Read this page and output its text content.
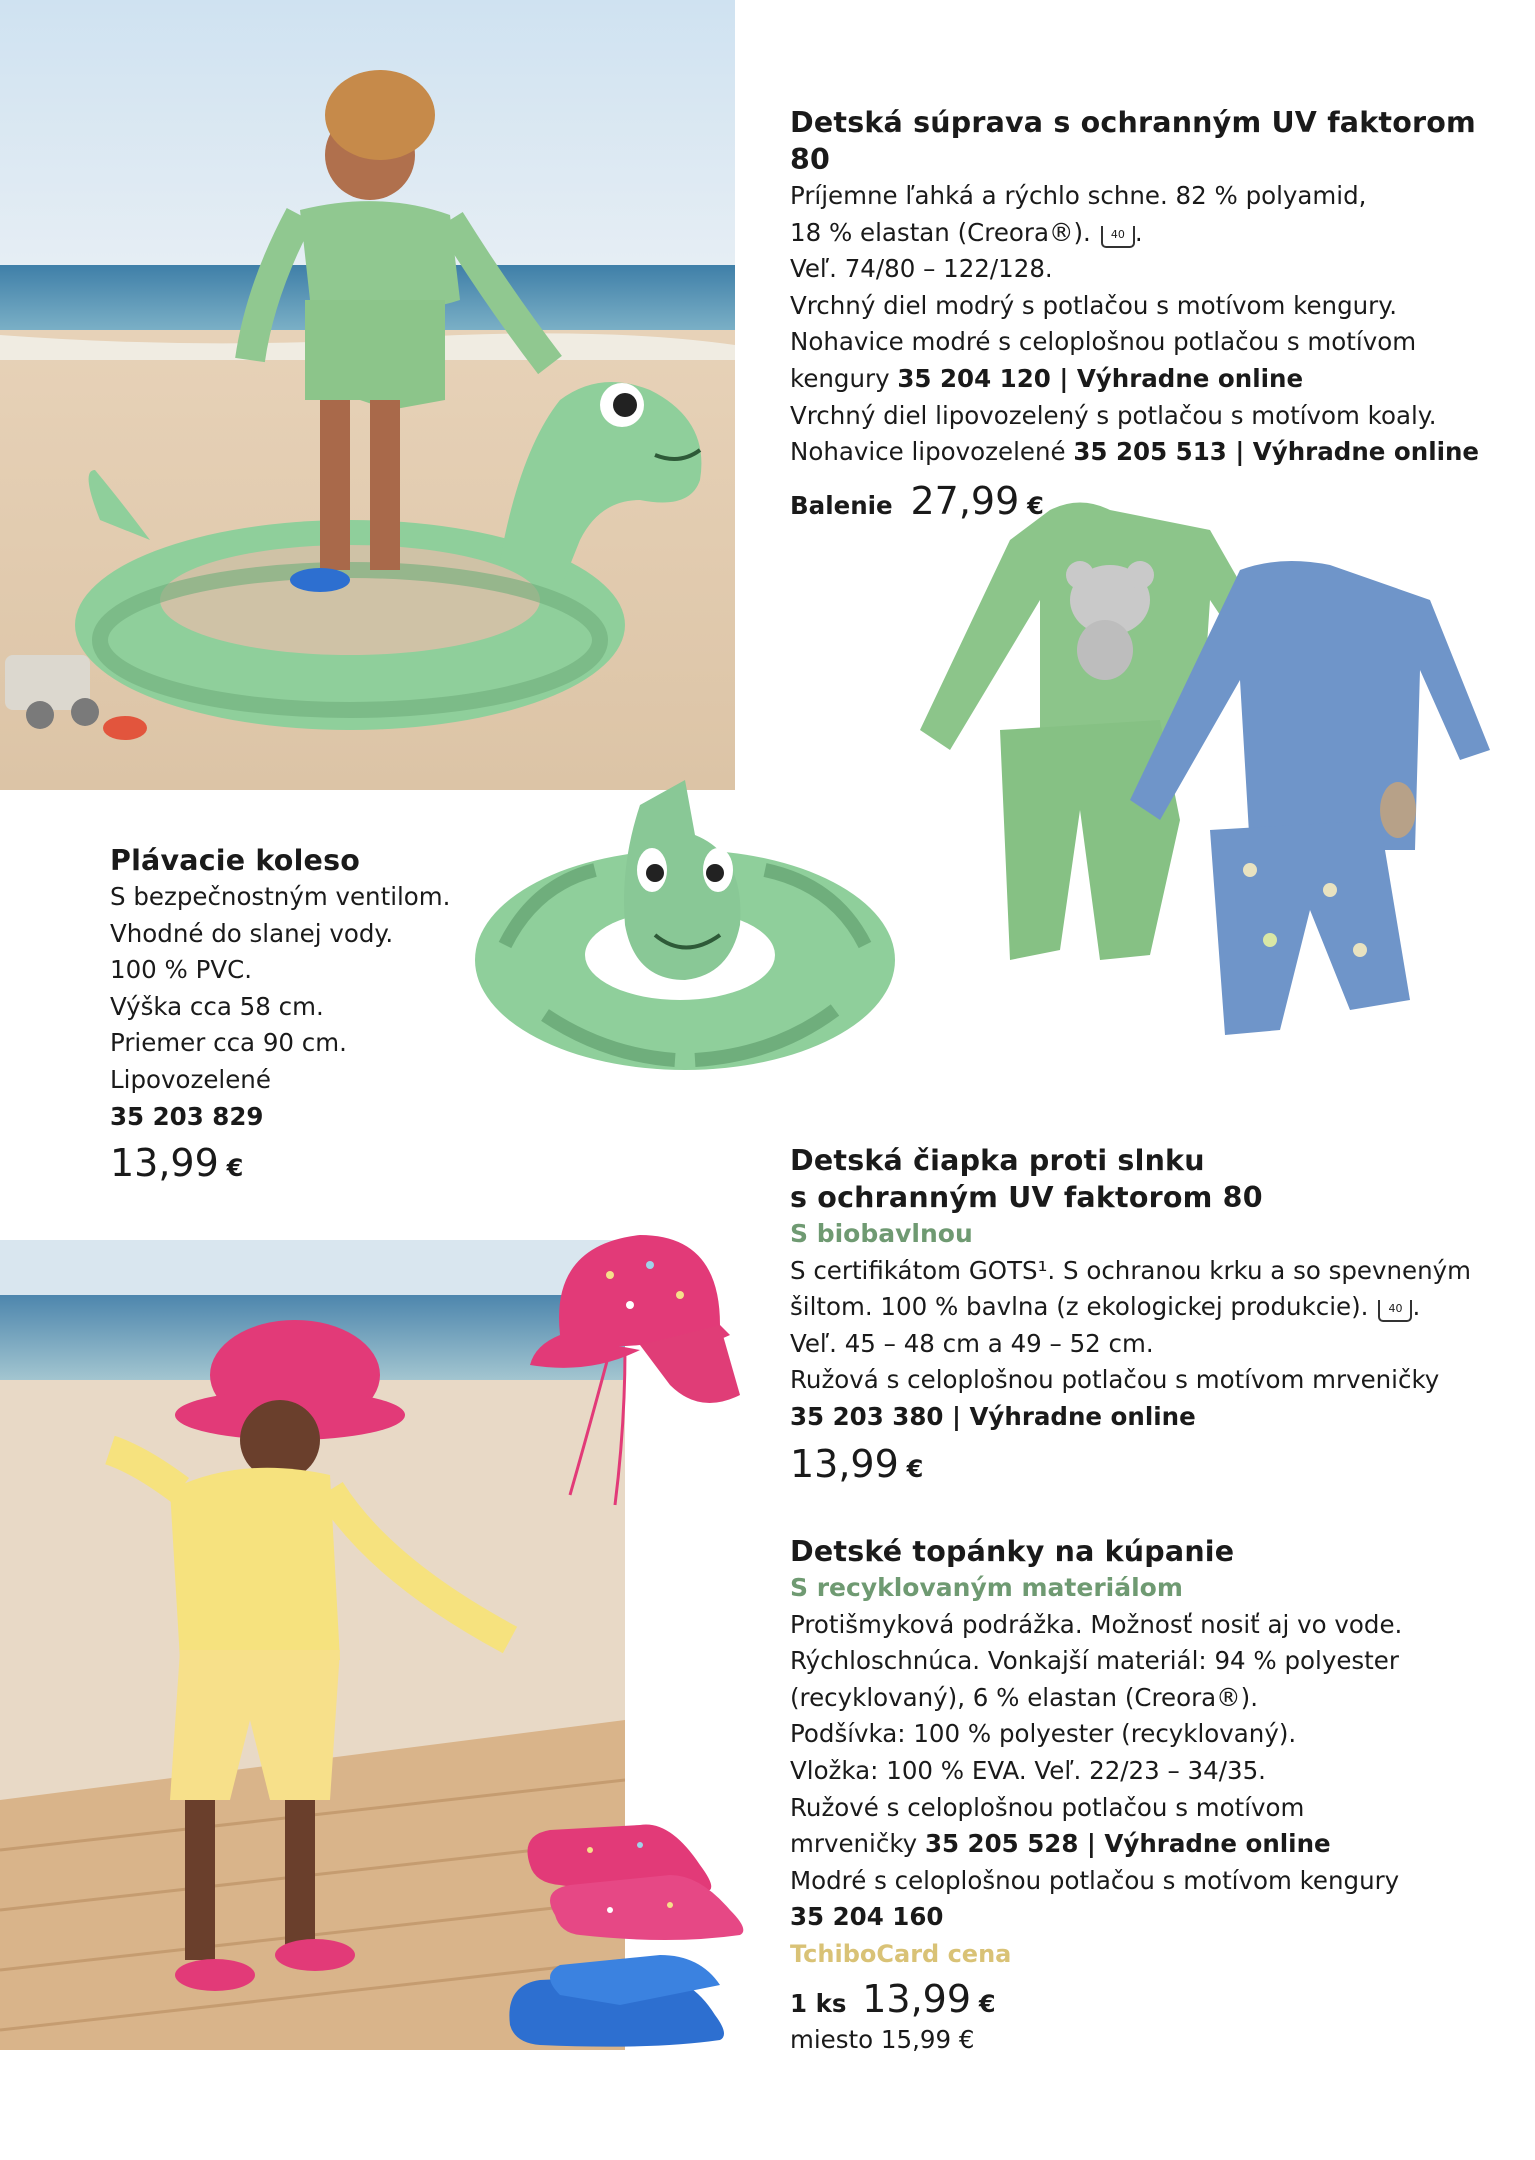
Detská súprava s ochranným UV faktorom 80
Príjemne ľahká a rýchlo schne. 82 % polyamid,
18 % elastan (Creora®). 40 .
Veľ. 74/80 – 122/128.
Vrchný diel modrý s potlačou s motívom kengury.
Nohavice modré s celoplošnou potlačou s motívom
kengury 35 204 120 | Výhradne online
Vrchný diel lipovozelený s potlačou s motívom koaly.
Nohavice lipovozelené 35 205 513 | Výhradne online
Balenie 27,99 €
Plávacie koleso
S bezpečnostným ventilom.
Vhodné do slanej vody.
100 % PVC.
Výška cca 58 cm.
Priemer cca 90 cm.
Lipovozelené
35 203 829
13,99 €	Detská čiapka proti slnku
s ochranným UV faktorom 80
S biobavlnou
S certifikátom GOTS¹. S ochranou krku a so spevneným
šiltom. 100 % bavlna (z ekologickej produkcie). 40 .
Veľ. 45 – 48 cm a 49 – 52 cm.
Ružová s celoplošnou potlačou s motívom mrveničky
35 203 380 | Výhradne online
13,99 €
Detské topánky na kúpanie
S recyklovaným materiálom
Protišmyková podrážka. Možnosť nosiť aj vo vode.
Rýchloschnúca. Vonkajší materiál: 94 % polyester
(recyklovaný), 6 % elastan (Creora®).
Podšívka: 100 % polyester (recyklovaný).
Vložka: 100 % EVA. Veľ. 22/23 – 34/35.
Ružové s celoplošnou potlačou s motívom
mrveničky 35 205 528 | Výhradne online
Modré s celoplošnou potlačou s motívom kengury
35 204 160
TchiboCard cena
1 ks 13,99 €
miesto 15,99 €
